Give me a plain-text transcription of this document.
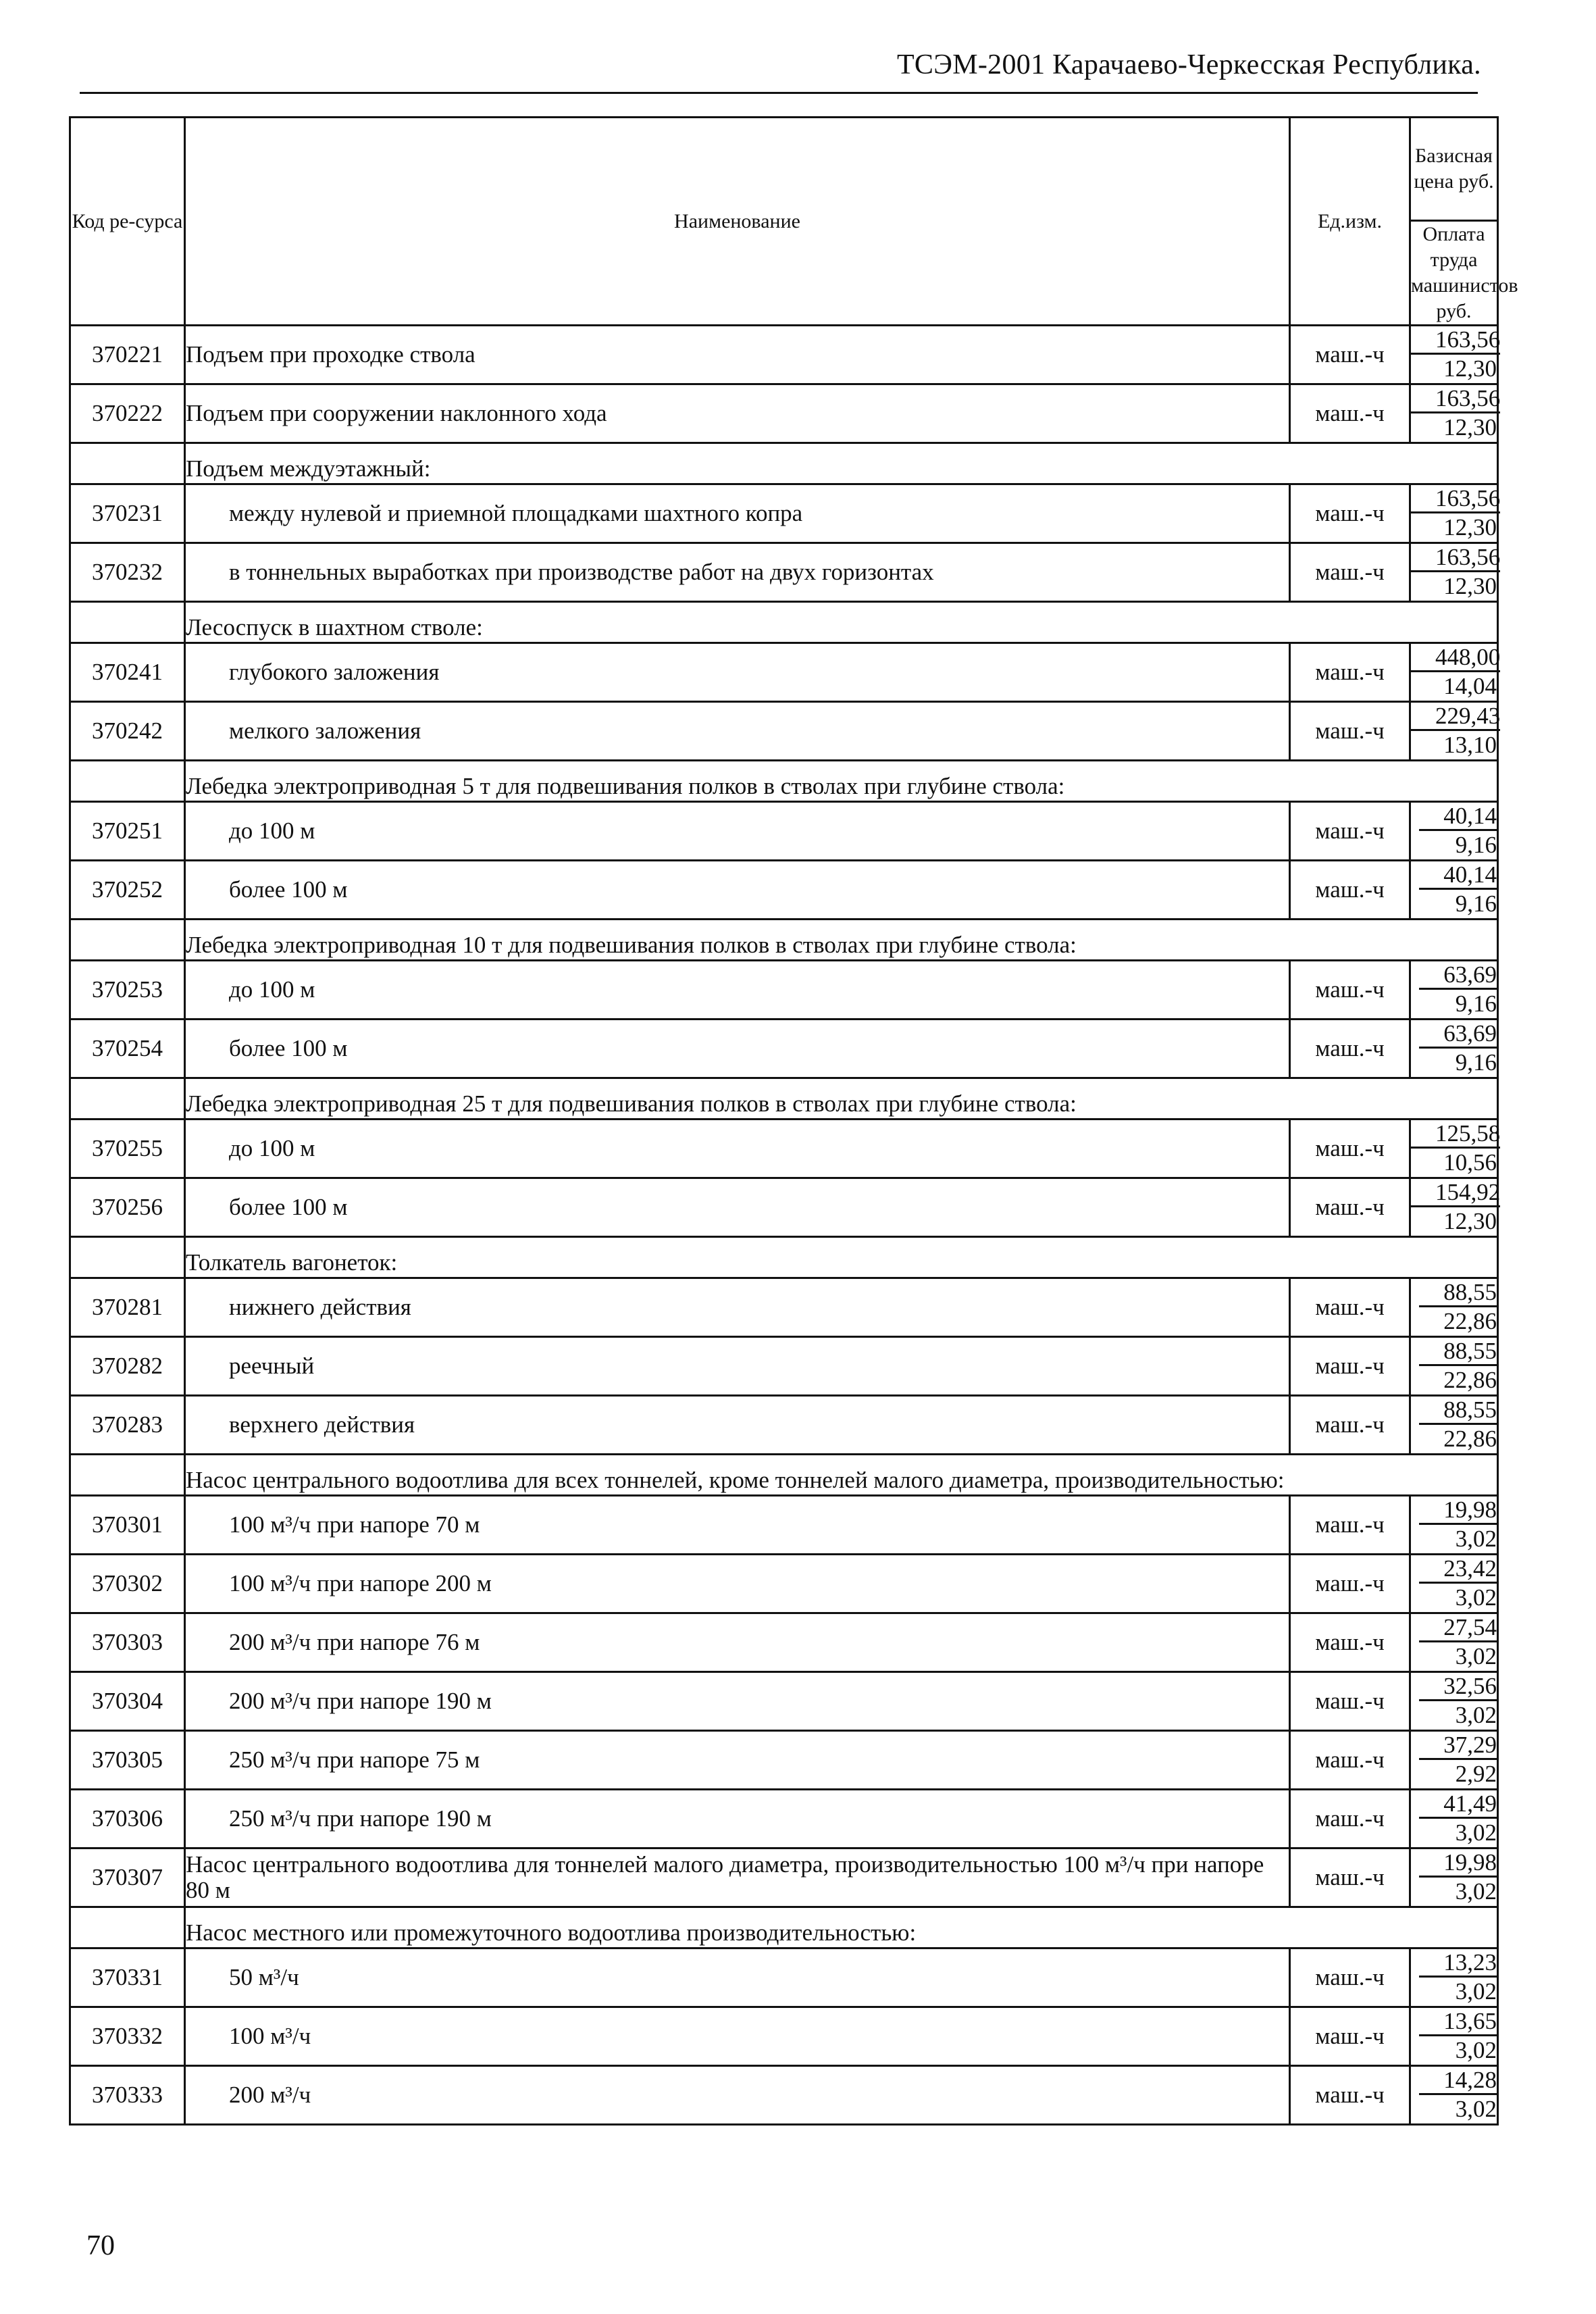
ТСЭМ-2001 Карачаево-Черкесская Республика.
Код ре-сурса	Наименование	Ед.изм.	Базисная цена руб.
			Оплата труда машинистов руб.
370221	Подъем при проходке ствола	маш.-ч	163,56
12,30

370222	Подъем при сооружении наклонного хода	маш.-ч	163,56
12,30

	Подъем междуэтажный:		
370231	между нулевой и приемной площадками шахтного копра	маш.-ч	163,56
12,30

370232	в тоннельных выработках при производстве работ на двух горизонтах	маш.-ч	163,56
12,30

	Лесоспуск в шахтном стволе:		
370241	глубокого заложения	маш.-ч	448,00
14,04

370242	мелкого заложения	маш.-ч	229,43
13,10

	Лебедка электроприводная 5 т для подвешивания полков в стволах при глубине ствола:		
370251	до 100 м	маш.-ч	40,14
9,16

370252	более 100 м	маш.-ч	40,14
9,16

	Лебедка электроприводная 10 т для подвешивания полков в стволах при глубине ствола:		
370253	до 100 м	маш.-ч	63,69
9,16

370254	более 100 м	маш.-ч	63,69
9,16

	Лебедка электроприводная 25 т для подвешивания полков в стволах при глубине ствола:		
370255	до 100 м	маш.-ч	125,58
10,56

370256	более 100 м	маш.-ч	154,92
12,30

	Толкатель вагонеток:		
370281	нижнего действия	маш.-ч	88,55
22,86

370282	реечный	маш.-ч	88,55
22,86

370283	верхнего действия	маш.-ч	88,55
22,86

	Насос центрального водоотлива для всех тоннелей, кроме тоннелей малого диаметра, производительностью:		
370301	100 м³/ч при напоре 70 м	маш.-ч	19,98
3,02

370302	100 м³/ч при напоре 200 м	маш.-ч	23,42
3,02

370303	200 м³/ч при напоре 76 м	маш.-ч	27,54
3,02

370304	200 м³/ч при напоре 190 м	маш.-ч	32,56
3,02

370305	250 м³/ч при напоре 75 м	маш.-ч	37,29
2,92

370306	250 м³/ч при напоре 190 м	маш.-ч	41,49
3,02

370307	Насос центрального водоотлива для тоннелей малого диаметра, производительностью 100 м³/ч при напоре 80 м	маш.-ч	19,98
3,02

	Насос местного или промежуточного водоотлива производительностью:		
370331	50 м³/ч	маш.-ч	13,23
3,02

370332	100 м³/ч	маш.-ч	13,65
3,02

370333	200 м³/ч	маш.-ч	14,28
3,02
70
